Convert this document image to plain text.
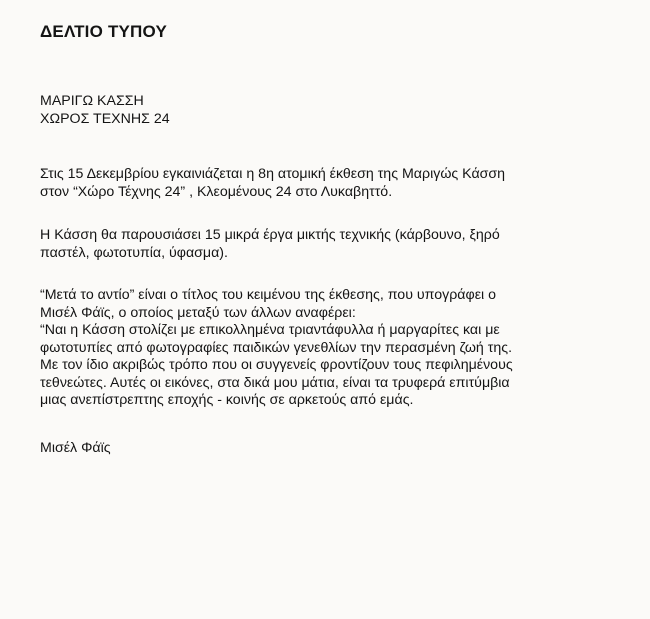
ΔΕΛΤΙΟ ΤΥΠΟΥ
ΜΑΡΙΓΩ ΚΑΣΣΗ
ΧΩΡΟΣ ΤΕΧΝΗΣ 24
Στις 15 Δεκεμβρίου εγκαινιάζεται η 8η ατομική έκθεση της Μαριγώς Κάσση
στον “Χώρο Τέχνης 24” , Κλεομένους 24 στο Λυκαβηττό.
Η Κάσση θα παρουσιάσει 15 μικρά έργα μικτής τεχνικής (κάρβουνο, ξηρό
παστέλ, φωτοτυπία, ύφασμα).
“Μετά το αντίο” είναι ο τίτλος του κειμένου της έκθεσης, που υπογράφει ο
Μισέλ Φάϊς, ο οποίος μεταξύ των άλλων αναφέρει:
“Ναι η Κάσση στολίζει με επικολλημένα τριαντάφυλλα ή μαργαρίτες και με
φωτοτυπίες από φωτογραφίες παιδικών γενεθλίων την περασμένη ζωή της.
Με τον ίδιο ακριβώς τρόπο που οι συγγενείς φροντίζουν τους πεφιλημένους
τεθνεώτες. Αυτές οι εικόνες, στα δικά μου μάτια, είναι τα τρυφερά επιτύμβια
μιας ανεπίστρεπτης εποχής - κοινής σε αρκετούς από εμάς.
Μισέλ Φάϊς
